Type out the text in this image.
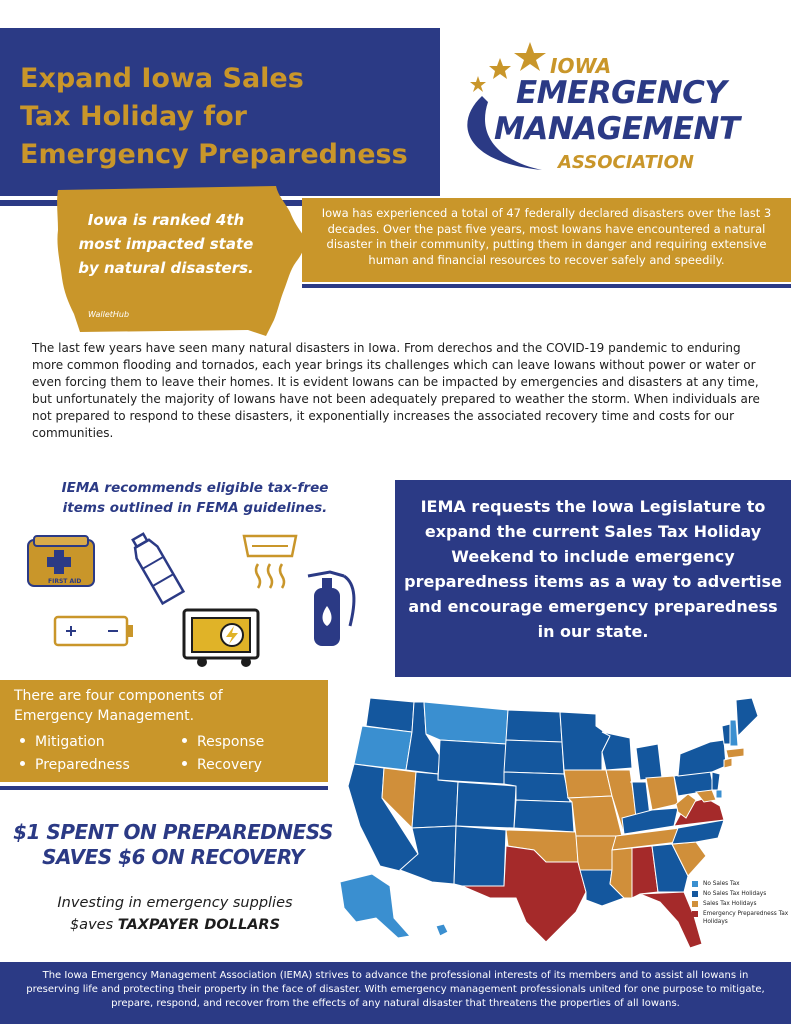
Expand Iowa Sales
Tax Holiday for
Emergency Preparedness
IOWA
EMERGENCY
MANAGEMENT
ASSOCIATION
Iowa has experienced a total of 47 federally declared disasters over the last 3 decades. Over the past five years, most Iowans have encountered a natural disaster in their community, putting them in danger and requiring extensive human and financial resources to recover safely and speedily.
Iowa is ranked 4th most impacted state by natural disasters.
WalletHub
The last few years have seen many natural disasters in Iowa. From derechos and the COVID-19 pandemic to enduring more common flooding and tornados, each year brings its challenges which can leave Iowans without power or water or even forcing them to leave their homes. It is evident Iowans can be impacted by emergencies and disasters at any time, but unfortunately the majority of Iowans have not been adequately prepared to weather the storm. When individuals are not prepared to respond to these disasters, it exponentially increases the associated recovery time and costs for our communities.
IEMA recommends eligible tax-free items outlined in FEMA guidelines.
FIRST AID
IEMA requests the Iowa Legislature to expand the current Sales Tax Holiday Weekend to include emergency preparedness items as a way to advertise and encourage emergency preparedness in our state.
There are four components of Emergency Management.
Mitigation
Preparedness
Response
Recovery
$1 SPENT ON PREPAREDNESS
SAVES $6 ON RECOVERY
Investing in emergency supplies
$aves TAXPAYER DOLLARS
No Sales Tax
No Sales Tax Holidays
Sales Tax Holidays
Emergency Preparedness Tax Holidays
The Iowa Emergency Management Association (IEMA) strives to advance the professional interests of its members and to assist all Iowans in preserving life and protecting their property in the face of disaster. With emergency management professionals united for one purpose to mitigate, prepare, respond, and recover from the effects of any natural disaster that threatens the properties of all Iowans.
